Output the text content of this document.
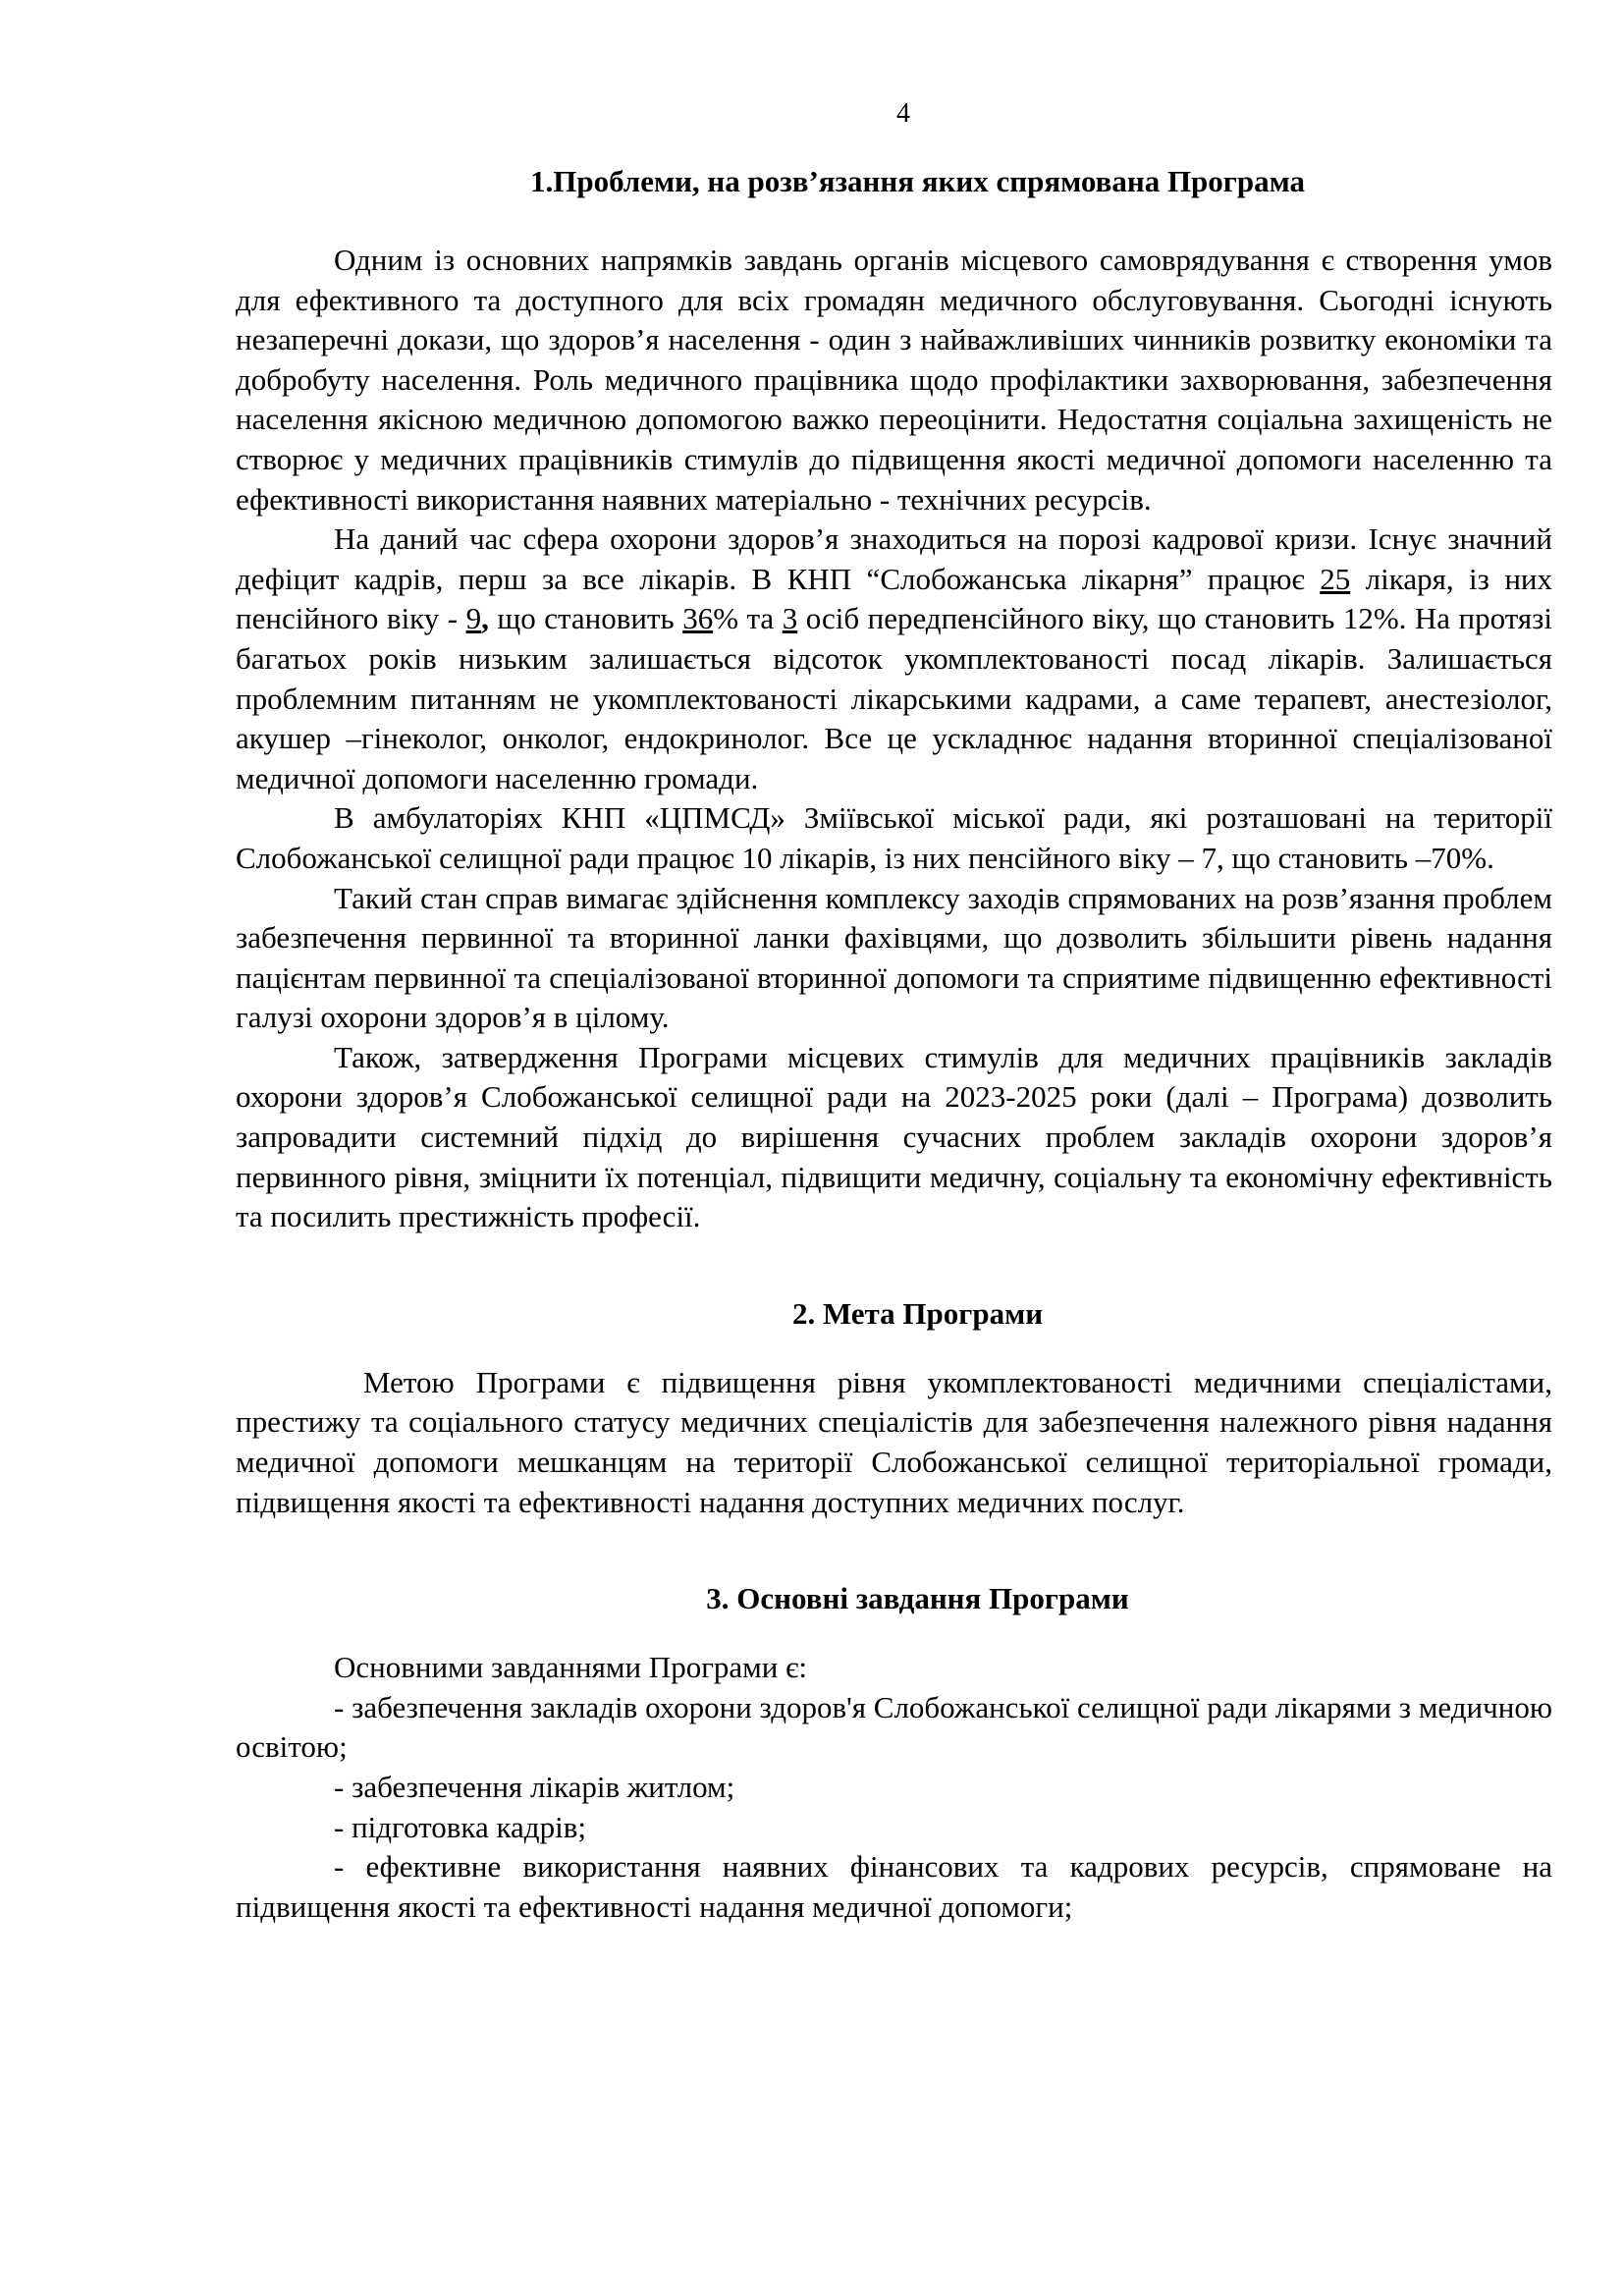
4
1.Проблеми, на розв’язання яких спрямована Програма

Одним із основних напрямків завдань органів місцевого самоврядування є створення умов для ефективного та доступного для всіх громадян медичного обслуговування. Сьогодні існують незаперечні докази, що здоров’я населення - один з найважливіших чинників розвитку економіки та добробуту населення. Роль медичного працівника щодо профілактики захворювання, забезпечення населення якісною медичною допомогою важко переоцінити. Недостатня соціальна захищеність не створює у медичних працівників стимулів до підвищення якості медичної допомоги населенню та ефективності використання наявних матеріально - технічних ресурсів.

На даний час сфера охорони здоров’я знаходиться на порозі кадрової кризи. Існує значний дефіцит кадрів, перш за все лікарів. В КНП “Слобожанська лікарня” працює 25 лікаря, із них пенсійного віку - 9, що становить 36% та 3 осіб передпенсійного віку, що становить 12%. На протязі багатьох років низьким залишається відсоток укомплектованості посад лікарів. Залишається проблемним питанням не укомплектованості лікарськими кадрами, а саме терапевт, анестезіолог, акушер –гінеколог, онколог, ендокринолог. Все це ускладнює надання вторинної спеціалізованої медичної допомоги населенню громади.

В амбулаторіях КНП «ЦПМСД» Зміївської міської ради, які розташовані на території Слобожанської селищної ради працює 10 лікарів, із них пенсійного віку – 7, що становить –70%.

Такий стан справ вимагає здійснення комплексу заходів спрямованих на розв’язання проблем забезпечення первинної та вторинної ланки фахівцями, що дозволить збільшити рівень надання пацієнтам первинної та спеціалізованої вторинної допомоги та сприятиме підвищенню ефективності галузі охорони здоров’я в цілому.

Також, затвердження Програми місцевих стимулів для медичних працівників закладів охорони здоров’я Слобожанської селищної ради на 2023-2025 роки (далі – Програма) дозволить запровадити системний підхід до вирішення сучасних проблем закладів охорони здоров’я первинного рівня, зміцнити їх потенціал, підвищити медичну, соціальну та економічну ефективність та посилить престижність професії.

2. Мета Програми

Метою Програми є підвищення рівня укомплектованості медичними спеціалістами, престижу та соціального статусу медичних спеціалістів для забезпечення належного рівня надання медичної допомоги мешканцям на території Слобожанської селищної територіальної громади, підвищення якості та ефективності надання доступних медичних послуг.

3. Основні завдання Програми

Основними завданнями Програми є:

- забезпечення закладів охорони здоров'я Слобожанської селищної ради лікарями з медичною освітою;

- забезпечення лікарів житлом;

- підготовка кадрів;

- ефективне використання наявних фінансових та кадрових ресурсів, спрямоване на підвищення якості та ефективності надання медичної допомоги;
